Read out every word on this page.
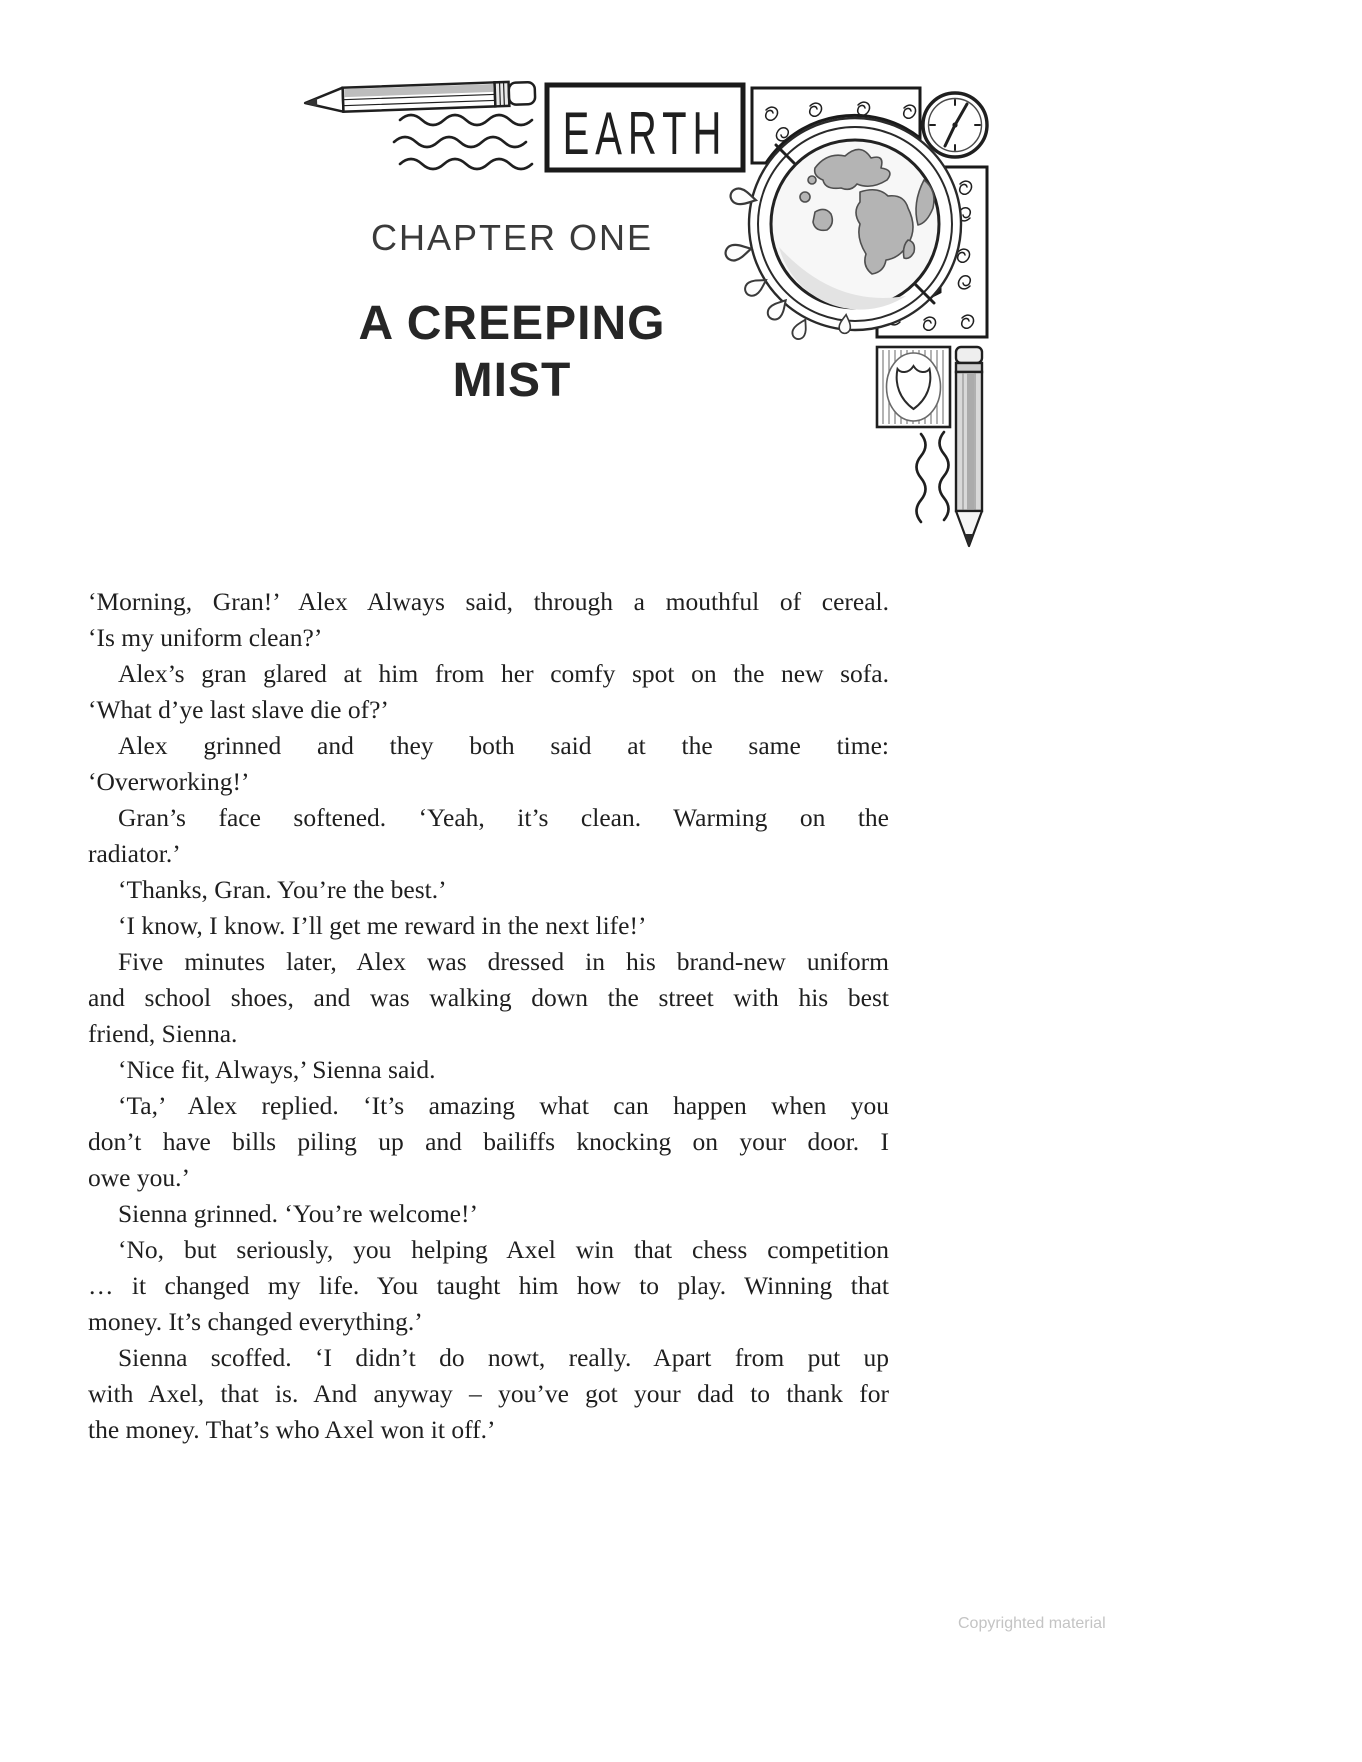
EARTH
CHAPTER ONE
A CREEPING
MIST
‘Morning, Gran!’ Alex Always said, through a mouthful of cereal.
‘Is my uniform clean?’
Alex’s gran glared at him from her comfy spot on the new sofa.
‘What d’ye last slave die of?’
Alex grinned and they both said at the same time:
‘Overworking!’
Gran’s face softened. ‘Yeah, it’s clean. Warming on the
radiator.’
‘Thanks, Gran. You’re the best.’
‘I know, I know. I’ll get me reward in the next life!’
Five minutes later, Alex was dressed in his brand-new uniform
and school shoes, and was walking down the street with his best
friend, Sienna.
‘Nice fit, Always,’ Sienna said.
‘Ta,’ Alex replied. ‘It’s amazing what can happen when you
don’t have bills piling up and bailiffs knocking on your door. I
owe you.’
Sienna grinned. ‘You’re welcome!’
‘No, but seriously, you helping Axel win that chess competition
… it changed my life. You taught him how to play. Winning that
money. It’s changed everything.’
Sienna scoffed. ‘I didn’t do nowt, really. Apart from put up
with Axel, that is. And anyway – you’ve got your dad to thank for
the money. That’s who Axel won it off.’
Copyrighted material
